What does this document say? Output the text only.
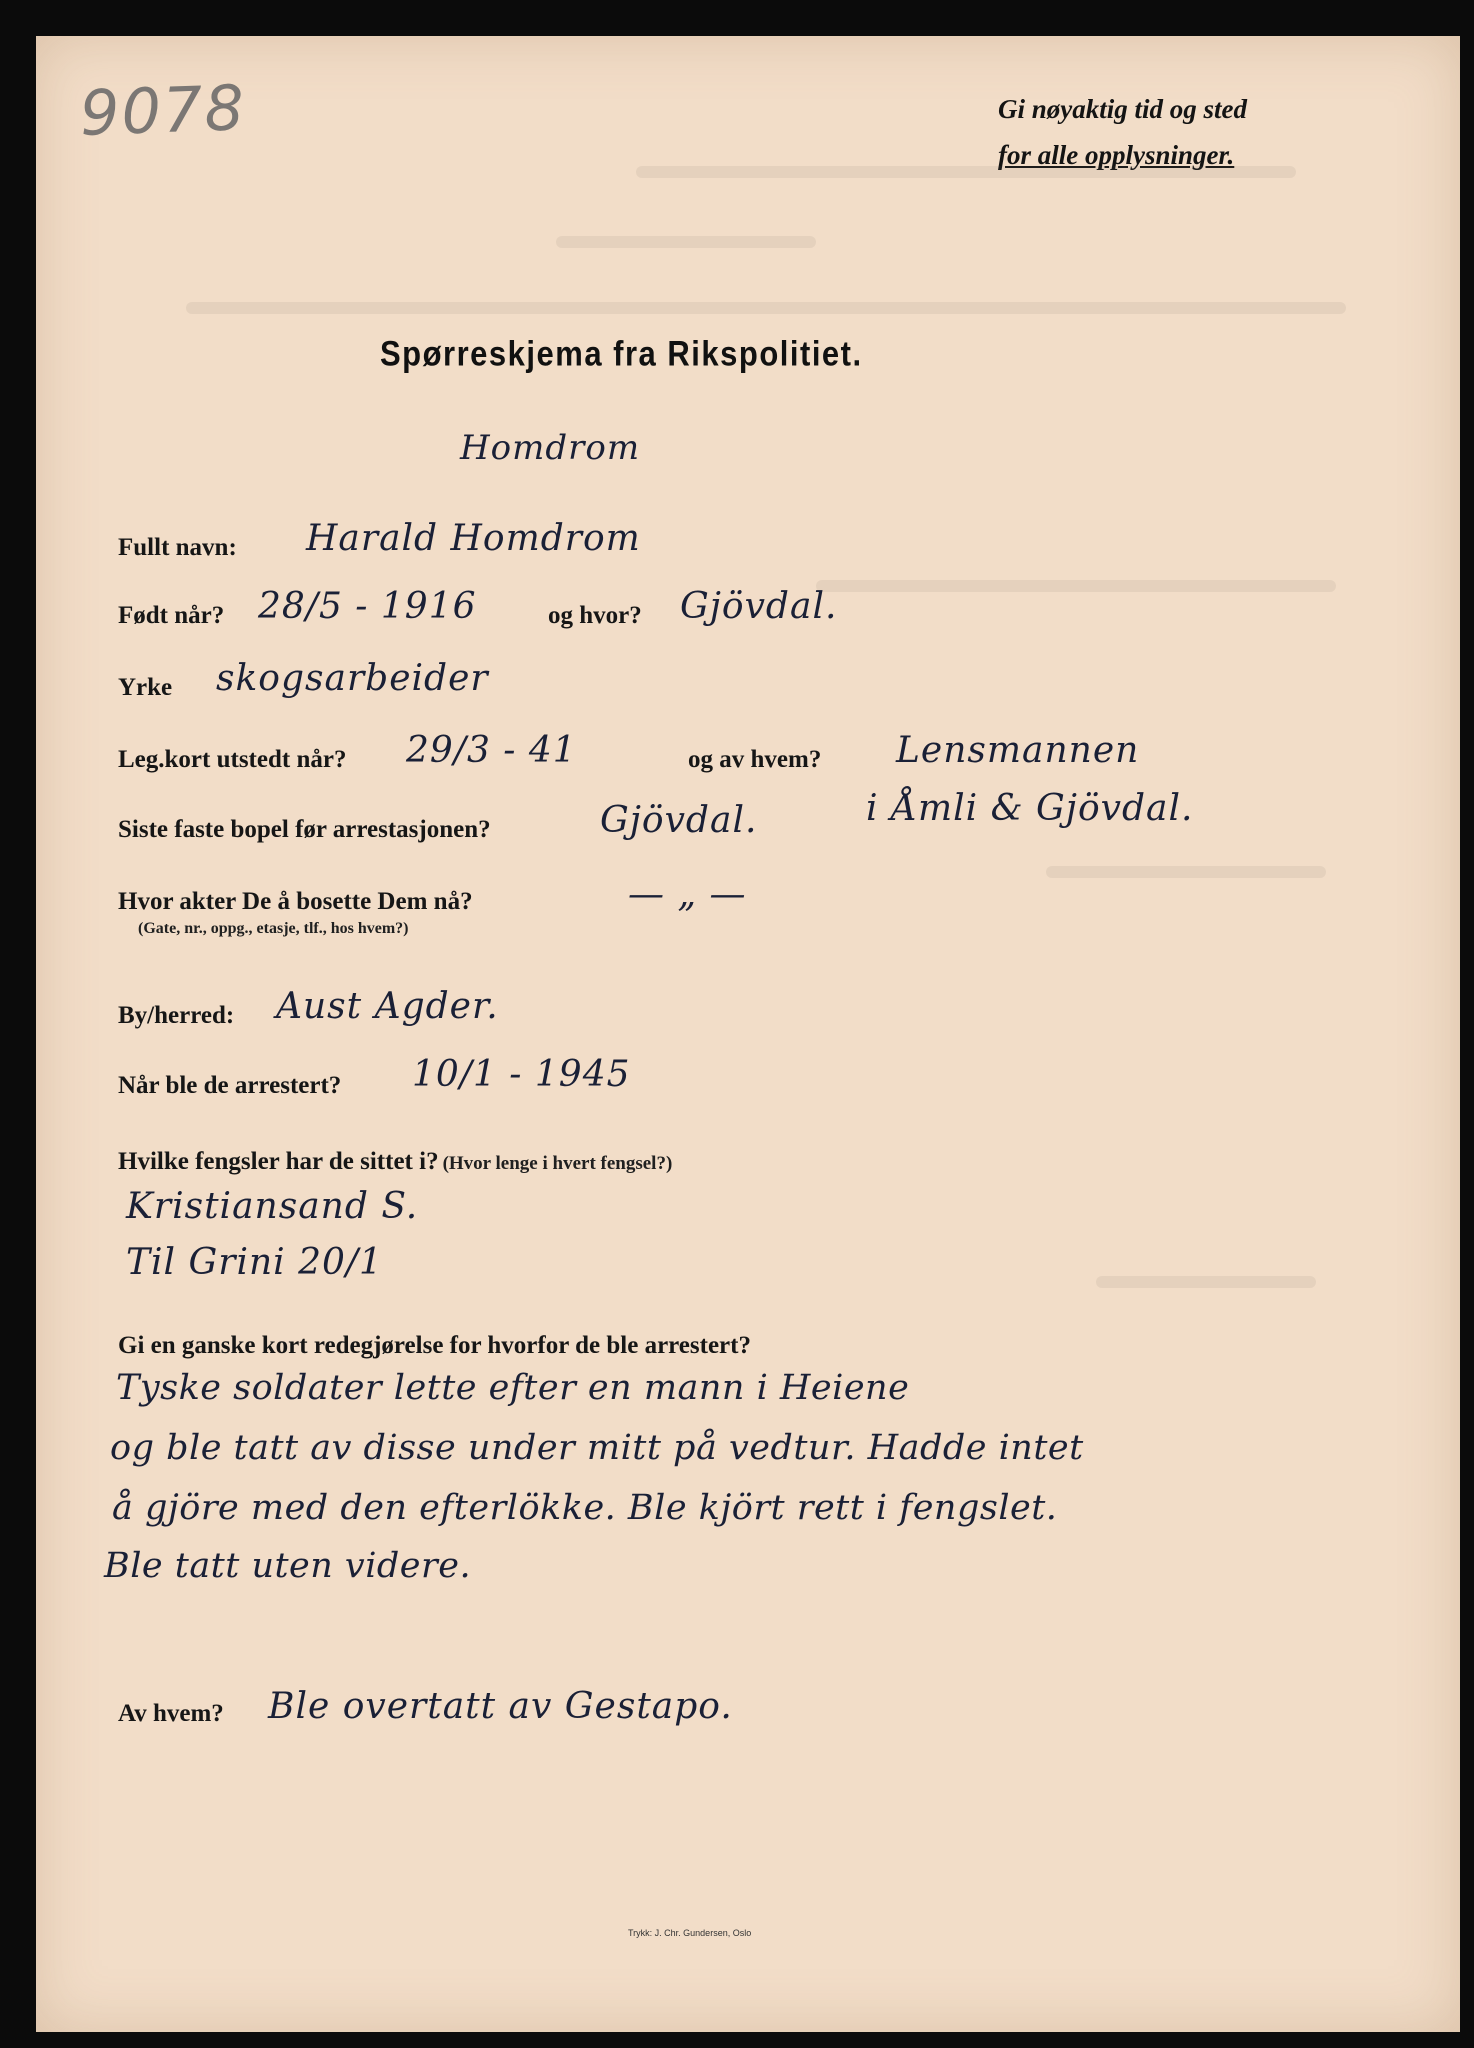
9078	Gi nøyaktig tid og sted
for alle opplysninger.
Spørreskjema fra Rikspolitiet.
Homdrom
Fullt navn: Harald Homdrom
Født når? 28/5 - 1916	og hvor? Gjövdal.
Yrke skogsarbeider
Leg.kort utstedt når? 29/3 - 41	og av hvem? Lensmannen
i Åmli & Gjövdal.
Siste faste bopel før arrestasjonen?	Gjövdal.
Hvor akter De å bosette Dem nå?
(Gate, nr., oppg., etasje, tlf., hos hvem?)
— „ —
By/herred: Aust Agder.
Når ble de arrestert? 10/1 - 1945
Hvilke fengsler har de sittet i? (Hvor lenge i hvert fengsel?)
Kristiansand S.
Til Grini 20/1
Gi en ganske kort redegjørelse for hvorfor de ble arrestert?
Tyske soldater lette efter en mann i Heiene
og ble tatt av disse under mitt på vedtur. Hadde intet
å gjöre med den efterlökke. Ble kjört rett i fengslet.
Ble tatt uten videre.
Av hvem? Ble overtatt av Gestapo.
Trykk: J. Chr. Gundersen, Oslo
